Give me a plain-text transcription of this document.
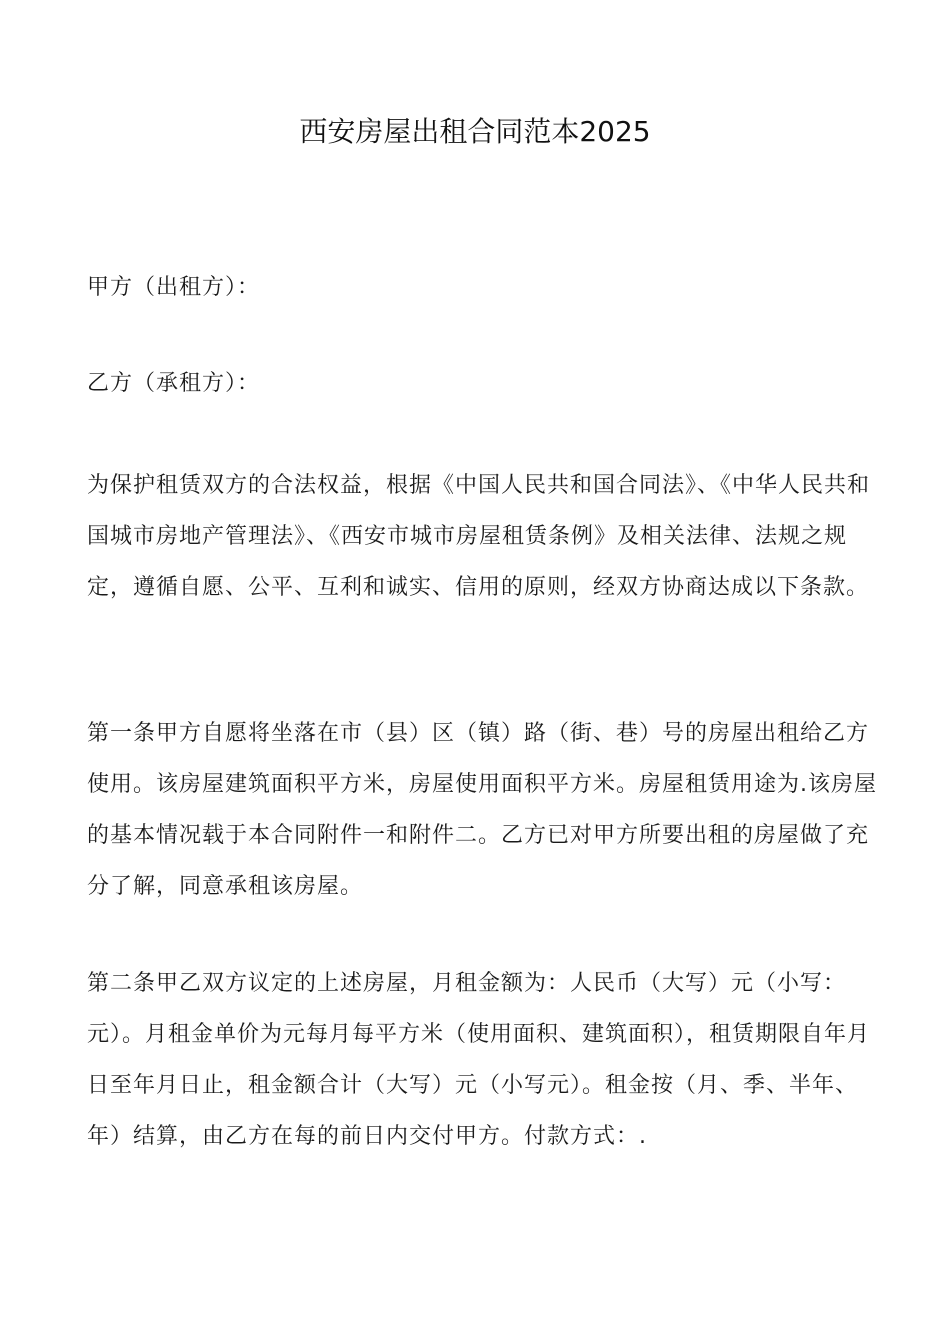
西安房屋出租合同范本2025
甲方（出租方）：
乙方（承租方）：
为保护租赁双方的合法权益，根据《中国人民共和国合同法》、《中华人民共和国城市房地产管理法》、《西安市城市房屋租赁条例》及相关法律、法规之规定，遵循自愿、公平、互利和诚实、信用的原则，经双方协商达成以下条款。
第一条甲方自愿将坐落在市（县）区（镇）路（街、巷）号的房屋出租给乙方使用。该房屋建筑面积平方米，房屋使用面积平方米。房屋租赁用途为.该房屋的基本情况载于本合同附件一和附件二。乙方已对甲方所要出租的房屋做了充分了解，同意承租该房屋。
第二条甲乙双方议定的上述房屋，月租金额为：人民币（大写）元（小写：元）。月租金单价为元每月每平方米（使用面积、建筑面积），租赁期限自年月日至年月日止，租金额合计（大写）元（小写元）。租金按（月、季、半年、年）结算，由乙方在每的前日内交付甲方。付款方式：.
